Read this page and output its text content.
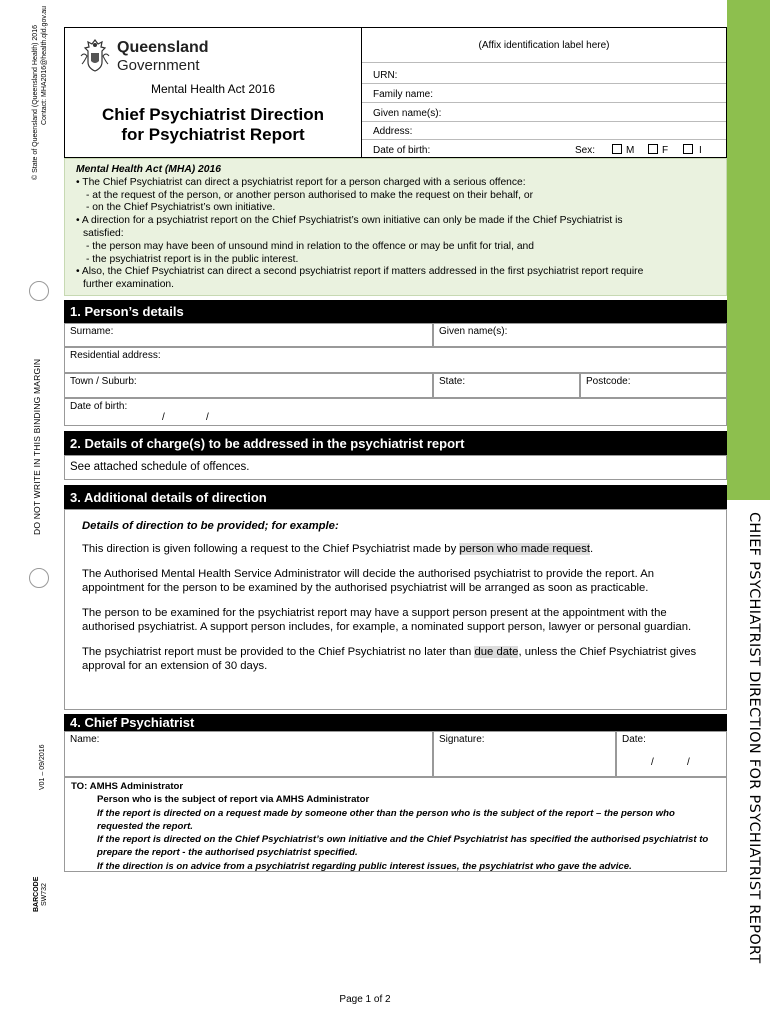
CHIEF PSYCHIATRIST DIRECTION FOR PSYCHIATRIST REPORT
© State of Queensland (Queensland Health) 2016 Contact: MHA2016@health.qld.gov.au
DO NOT WRITE IN THIS BINDING MARGIN
V01 – 09/2016
BARCODE SW732
Queensland
Government
Mental Health Act 2016
Chief Psychiatrist Direction
for Psychiatrist Report
(Affix identification label here)
URN:
Family name:
Given name(s):
Address:
Date of birth:	Sex:	M	F	I
Mental Health Act (MHA) 2016
• The Chief Psychiatrist can direct a psychiatrist report for a person charged with a serious offence:
- at the request of the person, or another person authorised to make the request on their behalf, or
- on the Chief Psychiatrist’s own initiative.
• A direction for a psychiatrist report on the Chief Psychiatrist’s own initiative can only be made if the Chief Psychiatrist is
satisfied:
- the person may have been of unsound mind in relation to the offence or may be unfit for trial, and
- the psychiatrist report is in the public interest.
• Also, the Chief Psychiatrist can direct a second psychiatrist report if matters addressed in the first psychiatrist report require
further examination.
1. Person’s details
Surname:	Given name(s):
Residential address:
Town / Suburb:	State:	Postcode:
Date of birth:
/	/
2. Details of charge(s) to be addressed in the psychiatrist report
See attached schedule of offences.
3. Additional details of direction
Details of direction to be provided; for example:

This direction is given following a request to the Chief Psychiatrist made by person who made request.

The Authorised Mental Health Service Administrator will decide the authorised psychiatrist to provide the report. An appointment for the person to be examined by the authorised psychiatrist will be arranged as soon as practicable.

The person to be examined for the psychiatrist report may have a support person present at the appointment with the authorised psychiatrist. A support person includes, for example, a nominated support person, lawyer or personal guardian.

The psychiatrist report must be provided to the Chief Psychiatrist no later than due date, unless the Chief Psychiatrist gives approval for an extension of 30 days.

4. Chief Psychiatrist
Name:	Signature:	Date:
/	/
TO: AMHS Administrator
Person who is the subject of report via AMHS Administrator
If the report is directed on a request made by someone other than the person who is the subject of the report – the person who requested the report.
If the report is directed on the Chief Psychiatrist’s own initiative and the Chief Psychiatrist has specified the authorised psychiatrist to prepare the report - the authorised psychiatrist specified.
If the direction is on advice from a psychiatrist regarding public interest issues, the psychiatrist who gave the advice.
Page 1 of 2
